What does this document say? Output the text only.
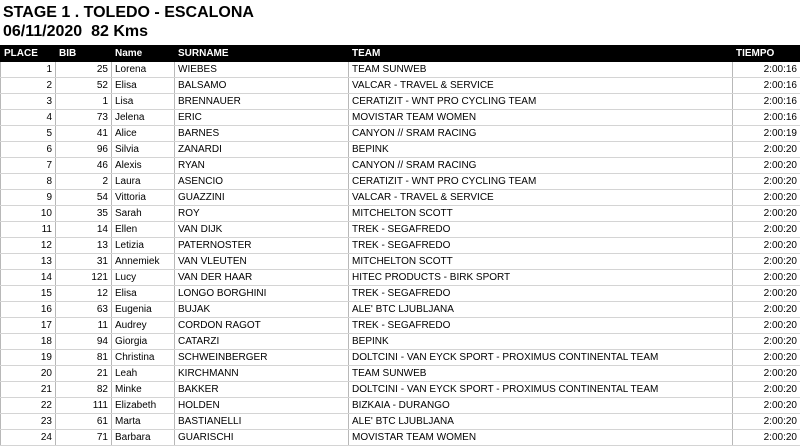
STAGE 1 . TOLEDO - ESCALONA
06/11/2020  82 Kms
PLACE	BIB	Name	SURNAME	TEAM	TIEMPO
1	25	Lorena	WIEBES	TEAM SUNWEB	2:00:16
2	52	Elisa	BALSAMO	VALCAR - TRAVEL & SERVICE	2:00:16
3	1	Lisa	BRENNAUER	CERATIZIT - WNT PRO CYCLING TEAM	2:00:16
4	73	Jelena	ERIC	MOVISTAR TEAM WOMEN	2:00:16
5	41	Alice	BARNES	CANYON // SRAM RACING	2:00:19
6	96	Silvia	ZANARDI	BEPINK	2:00:20
7	46	Alexis	RYAN	CANYON // SRAM RACING	2:00:20
8	2	Laura	ASENCIO	CERATIZIT - WNT PRO CYCLING TEAM	2:00:20
9	54	Vittoria	GUAZZINI	VALCAR - TRAVEL & SERVICE	2:00:20
10	35	Sarah	ROY	MITCHELTON SCOTT	2:00:20
11	14	Ellen	VAN DIJK	TREK - SEGAFREDO	2:00:20
12	13	Letizia	PATERNOSTER	TREK - SEGAFREDO	2:00:20
13	31	Annemiek	VAN VLEUTEN	MITCHELTON SCOTT	2:00:20
14	121	Lucy	VAN DER HAAR	HITEC PRODUCTS - BIRK SPORT	2:00:20
15	12	Elisa	LONGO BORGHINI	TREK - SEGAFREDO	2:00:20
16	63	Eugenia	BUJAK	ALE' BTC LJUBLJANA	2:00:20
17	11	Audrey	CORDON RAGOT	TREK - SEGAFREDO	2:00:20
18	94	Giorgia	CATARZI	BEPINK	2:00:20
19	81	Christina	SCHWEINBERGER	DOLTCINI - VAN EYCK SPORT - PROXIMUS CONTINENTAL TEAM	2:00:20
20	21	Leah	KIRCHMANN	TEAM SUNWEB	2:00:20
21	82	Minke	BAKKER	DOLTCINI - VAN EYCK SPORT - PROXIMUS CONTINENTAL TEAM	2:00:20
22	111	Elizabeth	HOLDEN	BIZKAIA - DURANGO	2:00:20
23	61	Marta	BASTIANELLI	ALE' BTC LJUBLJANA	2:00:20
24	71	Barbara	GUARISCHI	MOVISTAR TEAM WOMEN	2:00:20
